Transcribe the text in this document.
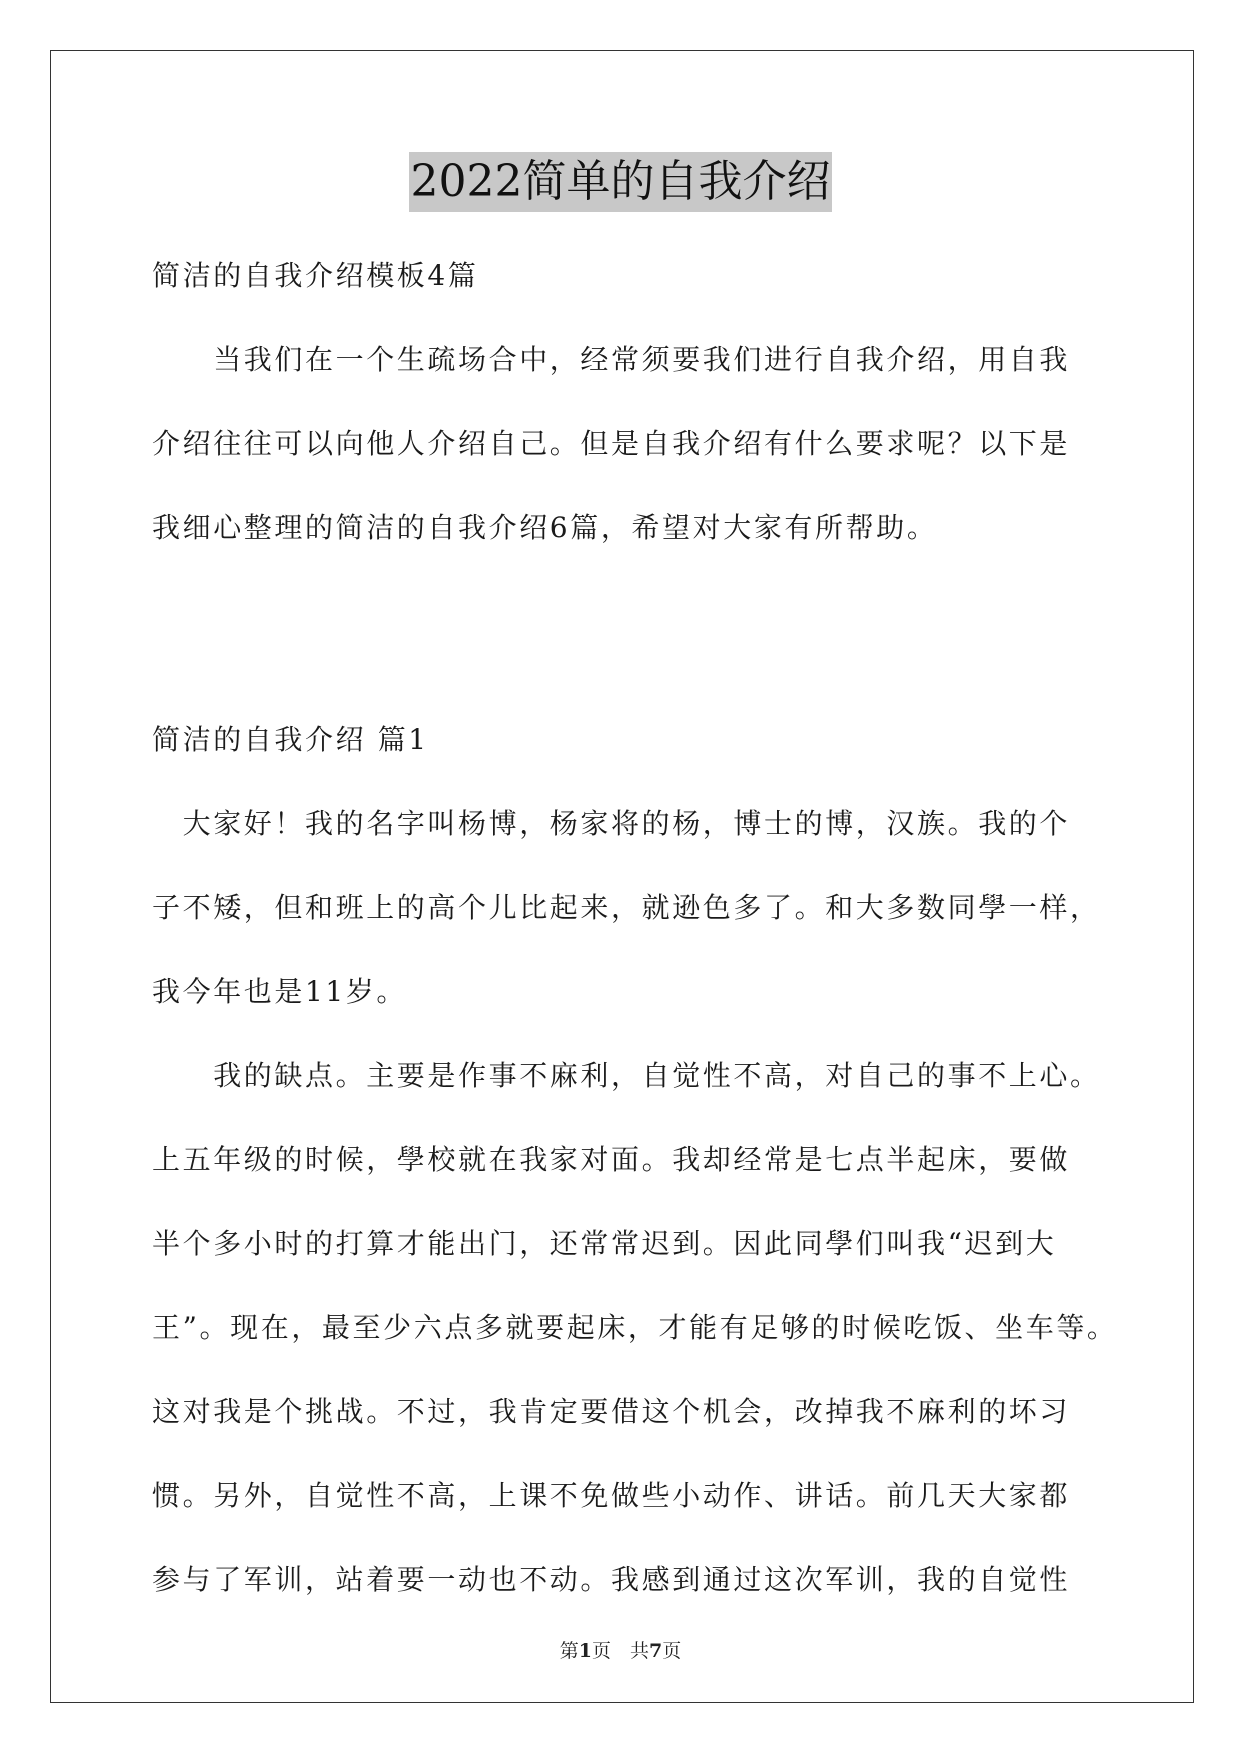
2022简单的自我介绍
简洁的自我介绍模板4篇
　　当我们在一个生疏场合中，经常须要我们进行自我介绍，用自我
介绍往往可以向他人介绍自己。但是自我介绍有什么要求呢？以下是
我细心整理的简洁的自我介绍6篇，希望对大家有所帮助。
简洁的自我介绍 篇1
　大家好！我的名字叫杨博，杨家将的杨，博士的博，汉族。我的个
子不矮，但和班上的高个儿比起来，就逊色多了。和大多数同學一样，
我今年也是11岁。
　　我的缺点。主要是作事不麻利，自觉性不高，对自己的事不上心。
上五年级的时候，學校就在我家对面。我却经常是七点半起床，要做
半个多小时的打算才能出门，还常常迟到。因此同學们叫我“迟到大
王”。现在，最至少六点多就要起床，才能有足够的时候吃饭、坐车等。
这对我是个挑战。不过，我肯定要借这个机会，改掉我不麻利的坏习
惯。另外，自觉性不高，上课不免做些小动作、讲话。前几天大家都
参与了军训，站着要一动也不动。我感到通过这次军训，我的自觉性
第1页　 共7页
